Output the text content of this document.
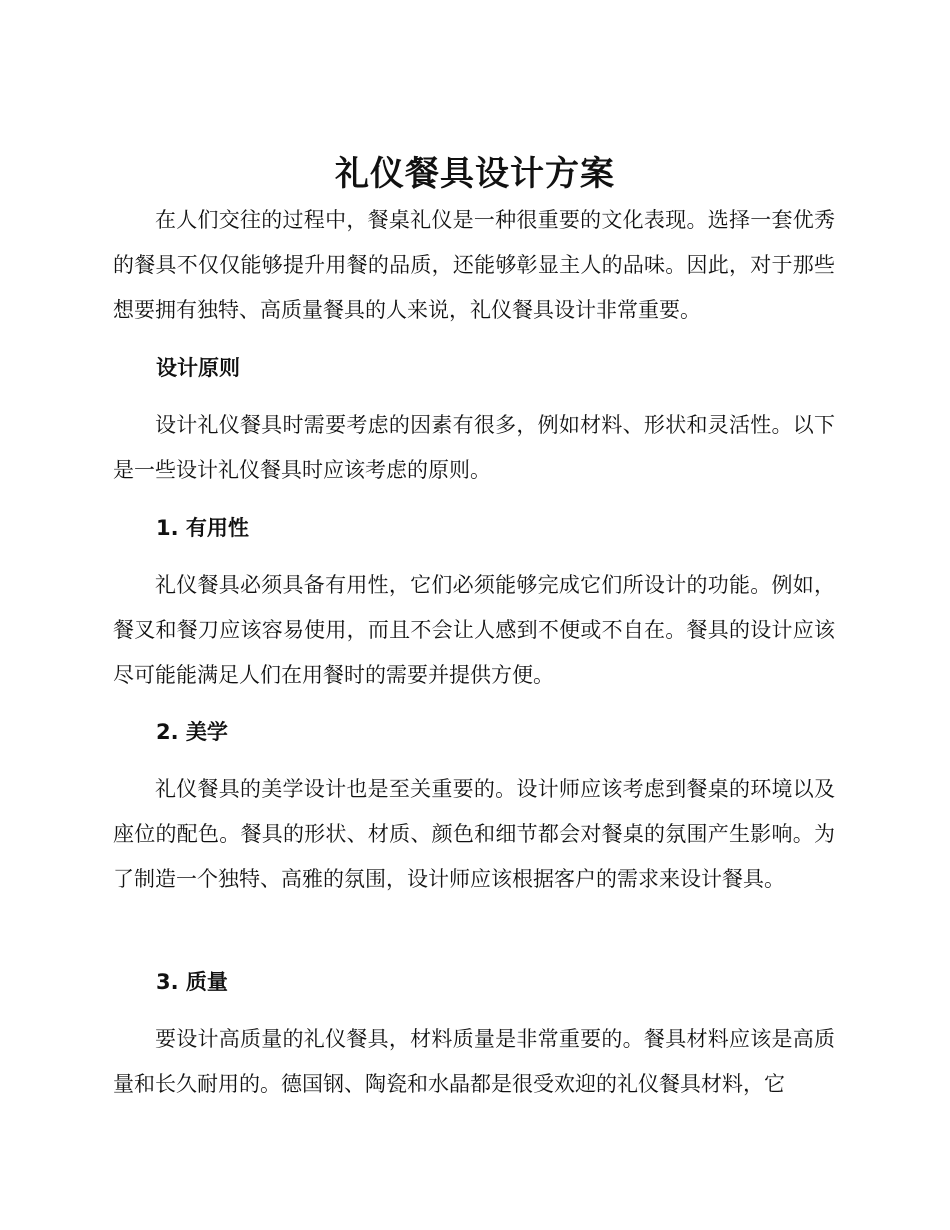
礼仪餐具设计方案

在人们交往的过程中，餐桌礼仪是一种很重要的文化表现。选择一套优秀的餐具不仅仅能够提升用餐的品质，还能够彰显主人的品味。因此，对于那些想要拥有独特、高质量餐具的人来说，礼仪餐具设计非常重要。

设计原则

设计礼仪餐具时需要考虑的因素有很多，例如材料、形状和灵活性。以下是一些设计礼仪餐具时应该考虑的原则。

1. 有用性

礼仪餐具必须具备有用性，它们必须能够完成它们所设计的功能。例如，餐叉和餐刀应该容易使用，而且不会让人感到不便或不自在。餐具的设计应该尽可能能满足人们在用餐时的需要并提供方便。

2. 美学

礼仪餐具的美学设计也是至关重要的。设计师应该考虑到餐桌的环境以及座位的配色。餐具的形状、材质、颜色和细节都会对餐桌的氛围产生影响。为了制造一个独特、高雅的氛围，设计师应该根据客户的需求来设计餐具。

3. 质量

要设计高质量的礼仪餐具，材料质量是非常重要的。餐具材料应该是高质量和长久耐用的。德国钢、陶瓷和水晶都是很受欢迎的礼仪餐具材料，它
